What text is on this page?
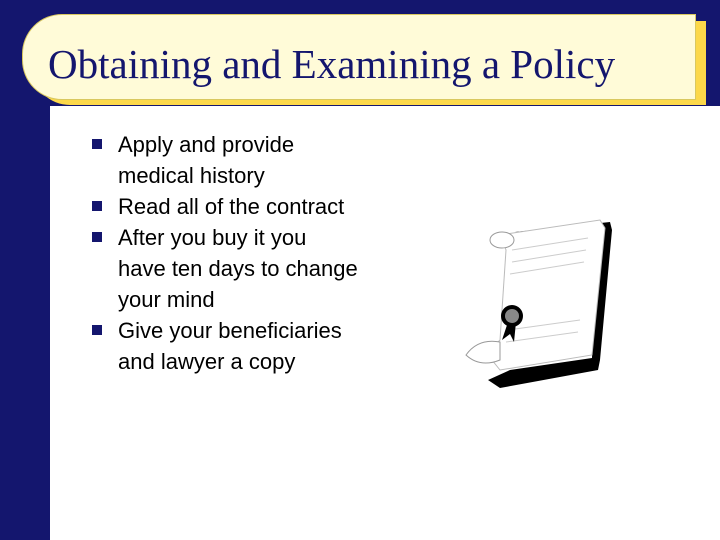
Obtaining and Examining a Policy
Apply and provide medical history
Read all of the contract
After you buy it you have ten days to change your mind
Give your beneficiaries and lawyer a copy
